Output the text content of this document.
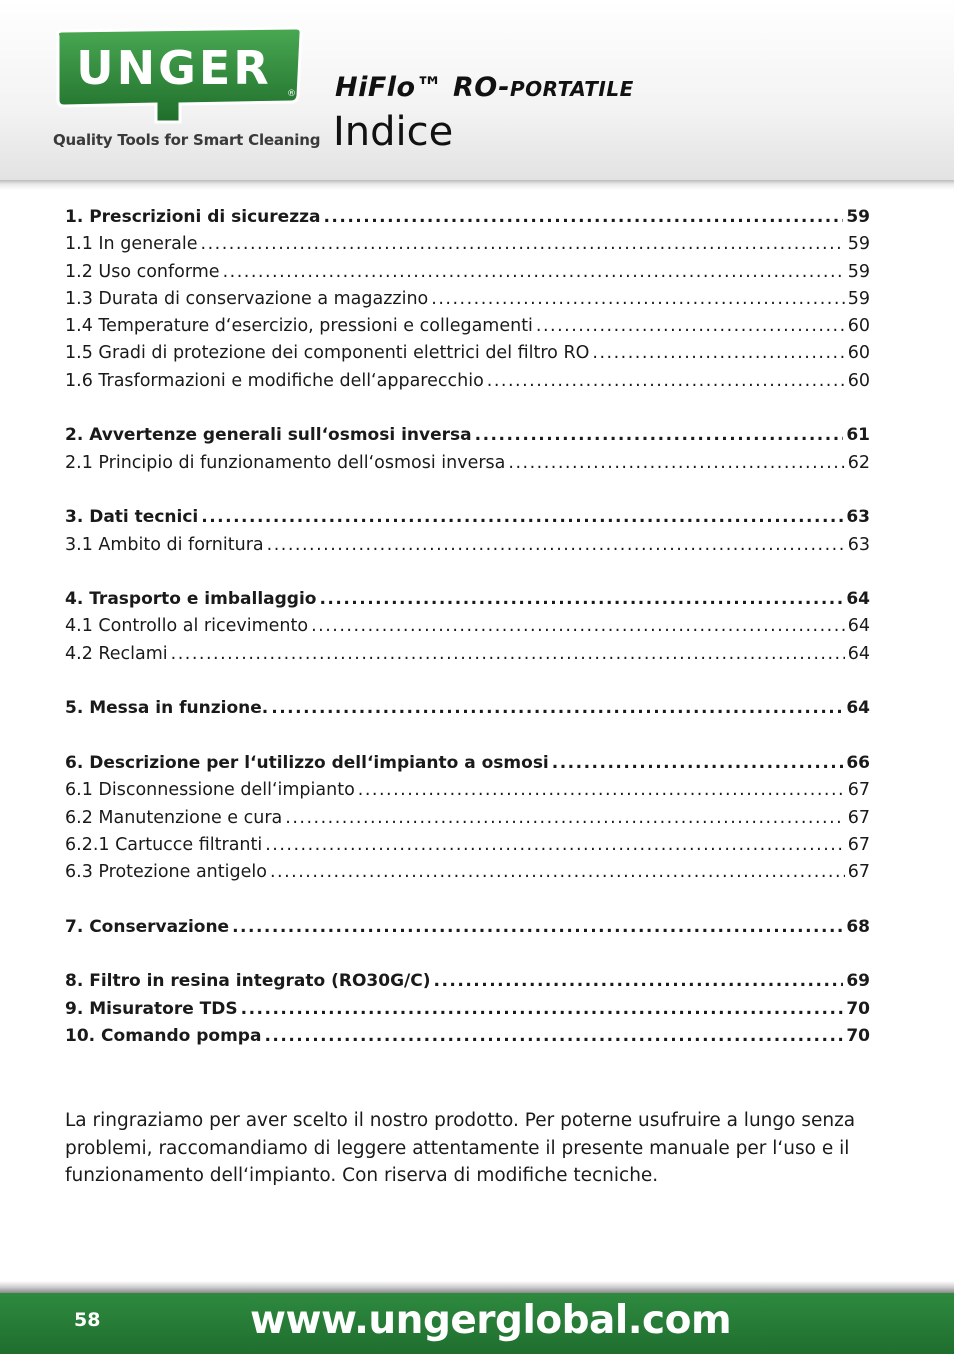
UNGER ®
Quality Tools for Smart Cleaning
HiFlo™ RO-PORTATILE
Indice
1. Prescrizioni di sicurezza .....	59
1.1 In generale .....	59
1.2 Uso conforme .....	59
1.3 Durata di conservazione a magazzino .....	59
1.4 Temperature d‘esercizio, pressioni e collegamenti .....	60
1.5 Gradi di protezione dei componenti elettrici del filtro RO .....	60
1.6 Trasformazioni e modifiche dell‘apparecchio .....	60
2. Avvertenze generali sull‘osmosi inversa .....	61
2.1 Principio di funzionamento dell‘osmosi inversa .....	62
3. Dati tecnici .....	63
3.1 Ambito di fornitura .....	63
4. Trasporto e imballaggio .....	64
4.1 Controllo al ricevimento .....	64
4.2 Reclami .....	64
5. Messa in funzione. .....	64
6. Descrizione per l‘utilizzo dell‘impianto a osmosi .....	66
6.1 Disconnessione dell‘impianto .....	67
6.2 Manutenzione e cura .....	67
6.2.1 Cartucce filtranti .....	67
6.3 Protezione antigelo .....	67
7. Conservazione .....	68
8. Filtro in resina integrato (RO30G/C) .....	69
9. Misuratore TDS .....	70
10. Comando pompa .....	70
La ringraziamo per aver scelto il nostro prodotto. Per poterne usufruire a lungo senza problemi, raccomandiamo di leggere attentamente il presente manuale per l‘uso e il funzionamento dell‘impianto. Con riserva di modifiche tecniche.
58	www.ungerglobal.com
